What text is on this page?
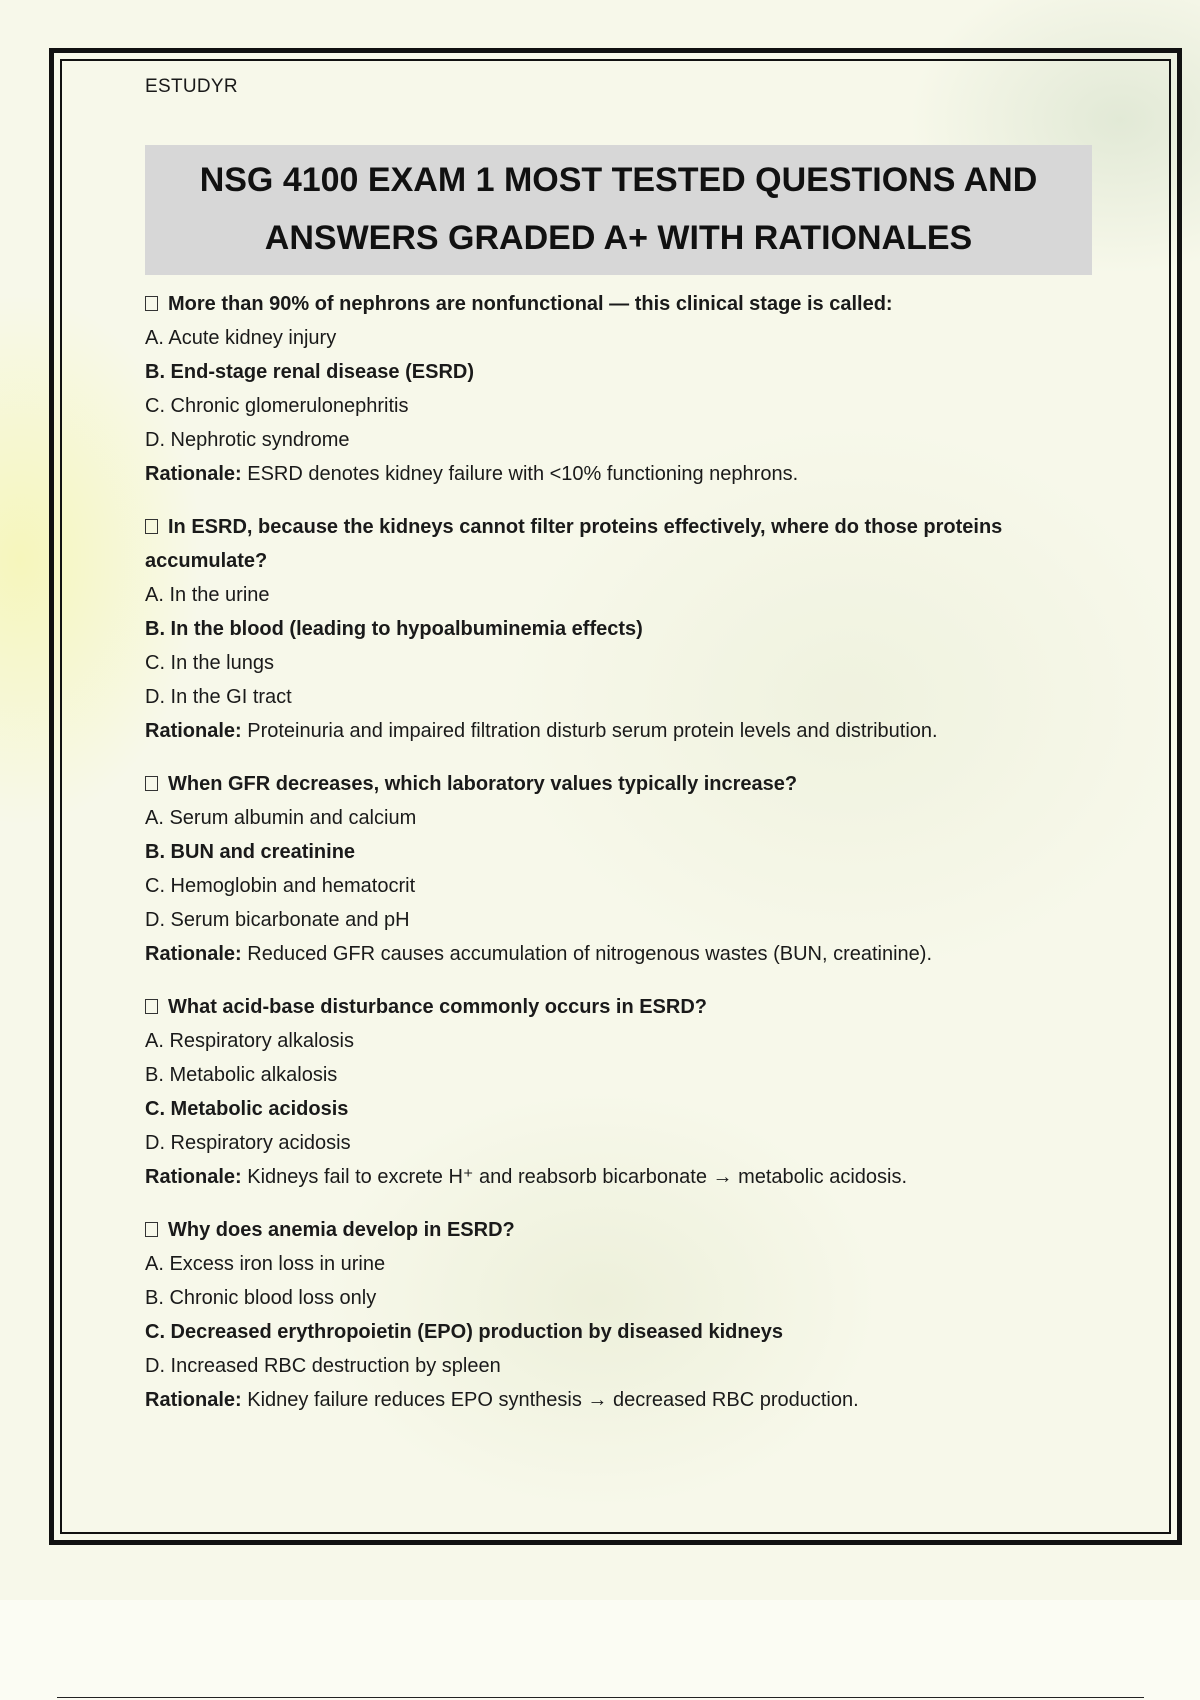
ESTUDYR

NSG 4100 EXAM 1 MOST TESTED QUESTIONS AND
ANSWERS GRADED A+ WITH RATIONALES

More than 90% of nephrons are nonfunctional — this clinical stage is called:

A. Acute kidney injury

B. End-stage renal disease (ESRD)

C. Chronic glomerulonephritis

D. Nephrotic syndrome

Rationale: ESRD denotes kidney failure with <10% functioning nephrons.

In ESRD, because the kidneys cannot filter proteins effectively, where do those proteins accumulate?

A. In the urine

B. In the blood (leading to hypoalbuminemia effects)

C. In the lungs

D. In the GI tract

Rationale: Proteinuria and impaired filtration disturb serum protein levels and distribution.

When GFR decreases, which laboratory values typically increase?

A. Serum albumin and calcium

B. BUN and creatinine

C. Hemoglobin and hematocrit

D. Serum bicarbonate and pH

Rationale: Reduced GFR causes accumulation of nitrogenous wastes (BUN, creatinine).

What acid-base disturbance commonly occurs in ESRD?

A. Respiratory alkalosis

B. Metabolic alkalosis

C. Metabolic acidosis

D. Respiratory acidosis

Rationale: Kidneys fail to excrete H⁺ and reabsorb bicarbonate → metabolic acidosis.

Why does anemia develop in ESRD?

A. Excess iron loss in urine

B. Chronic blood loss only

C. Decreased erythropoietin (EPO) production by diseased kidneys

D. Increased RBC destruction by spleen

Rationale: Kidney failure reduces EPO synthesis → decreased RBC production.
